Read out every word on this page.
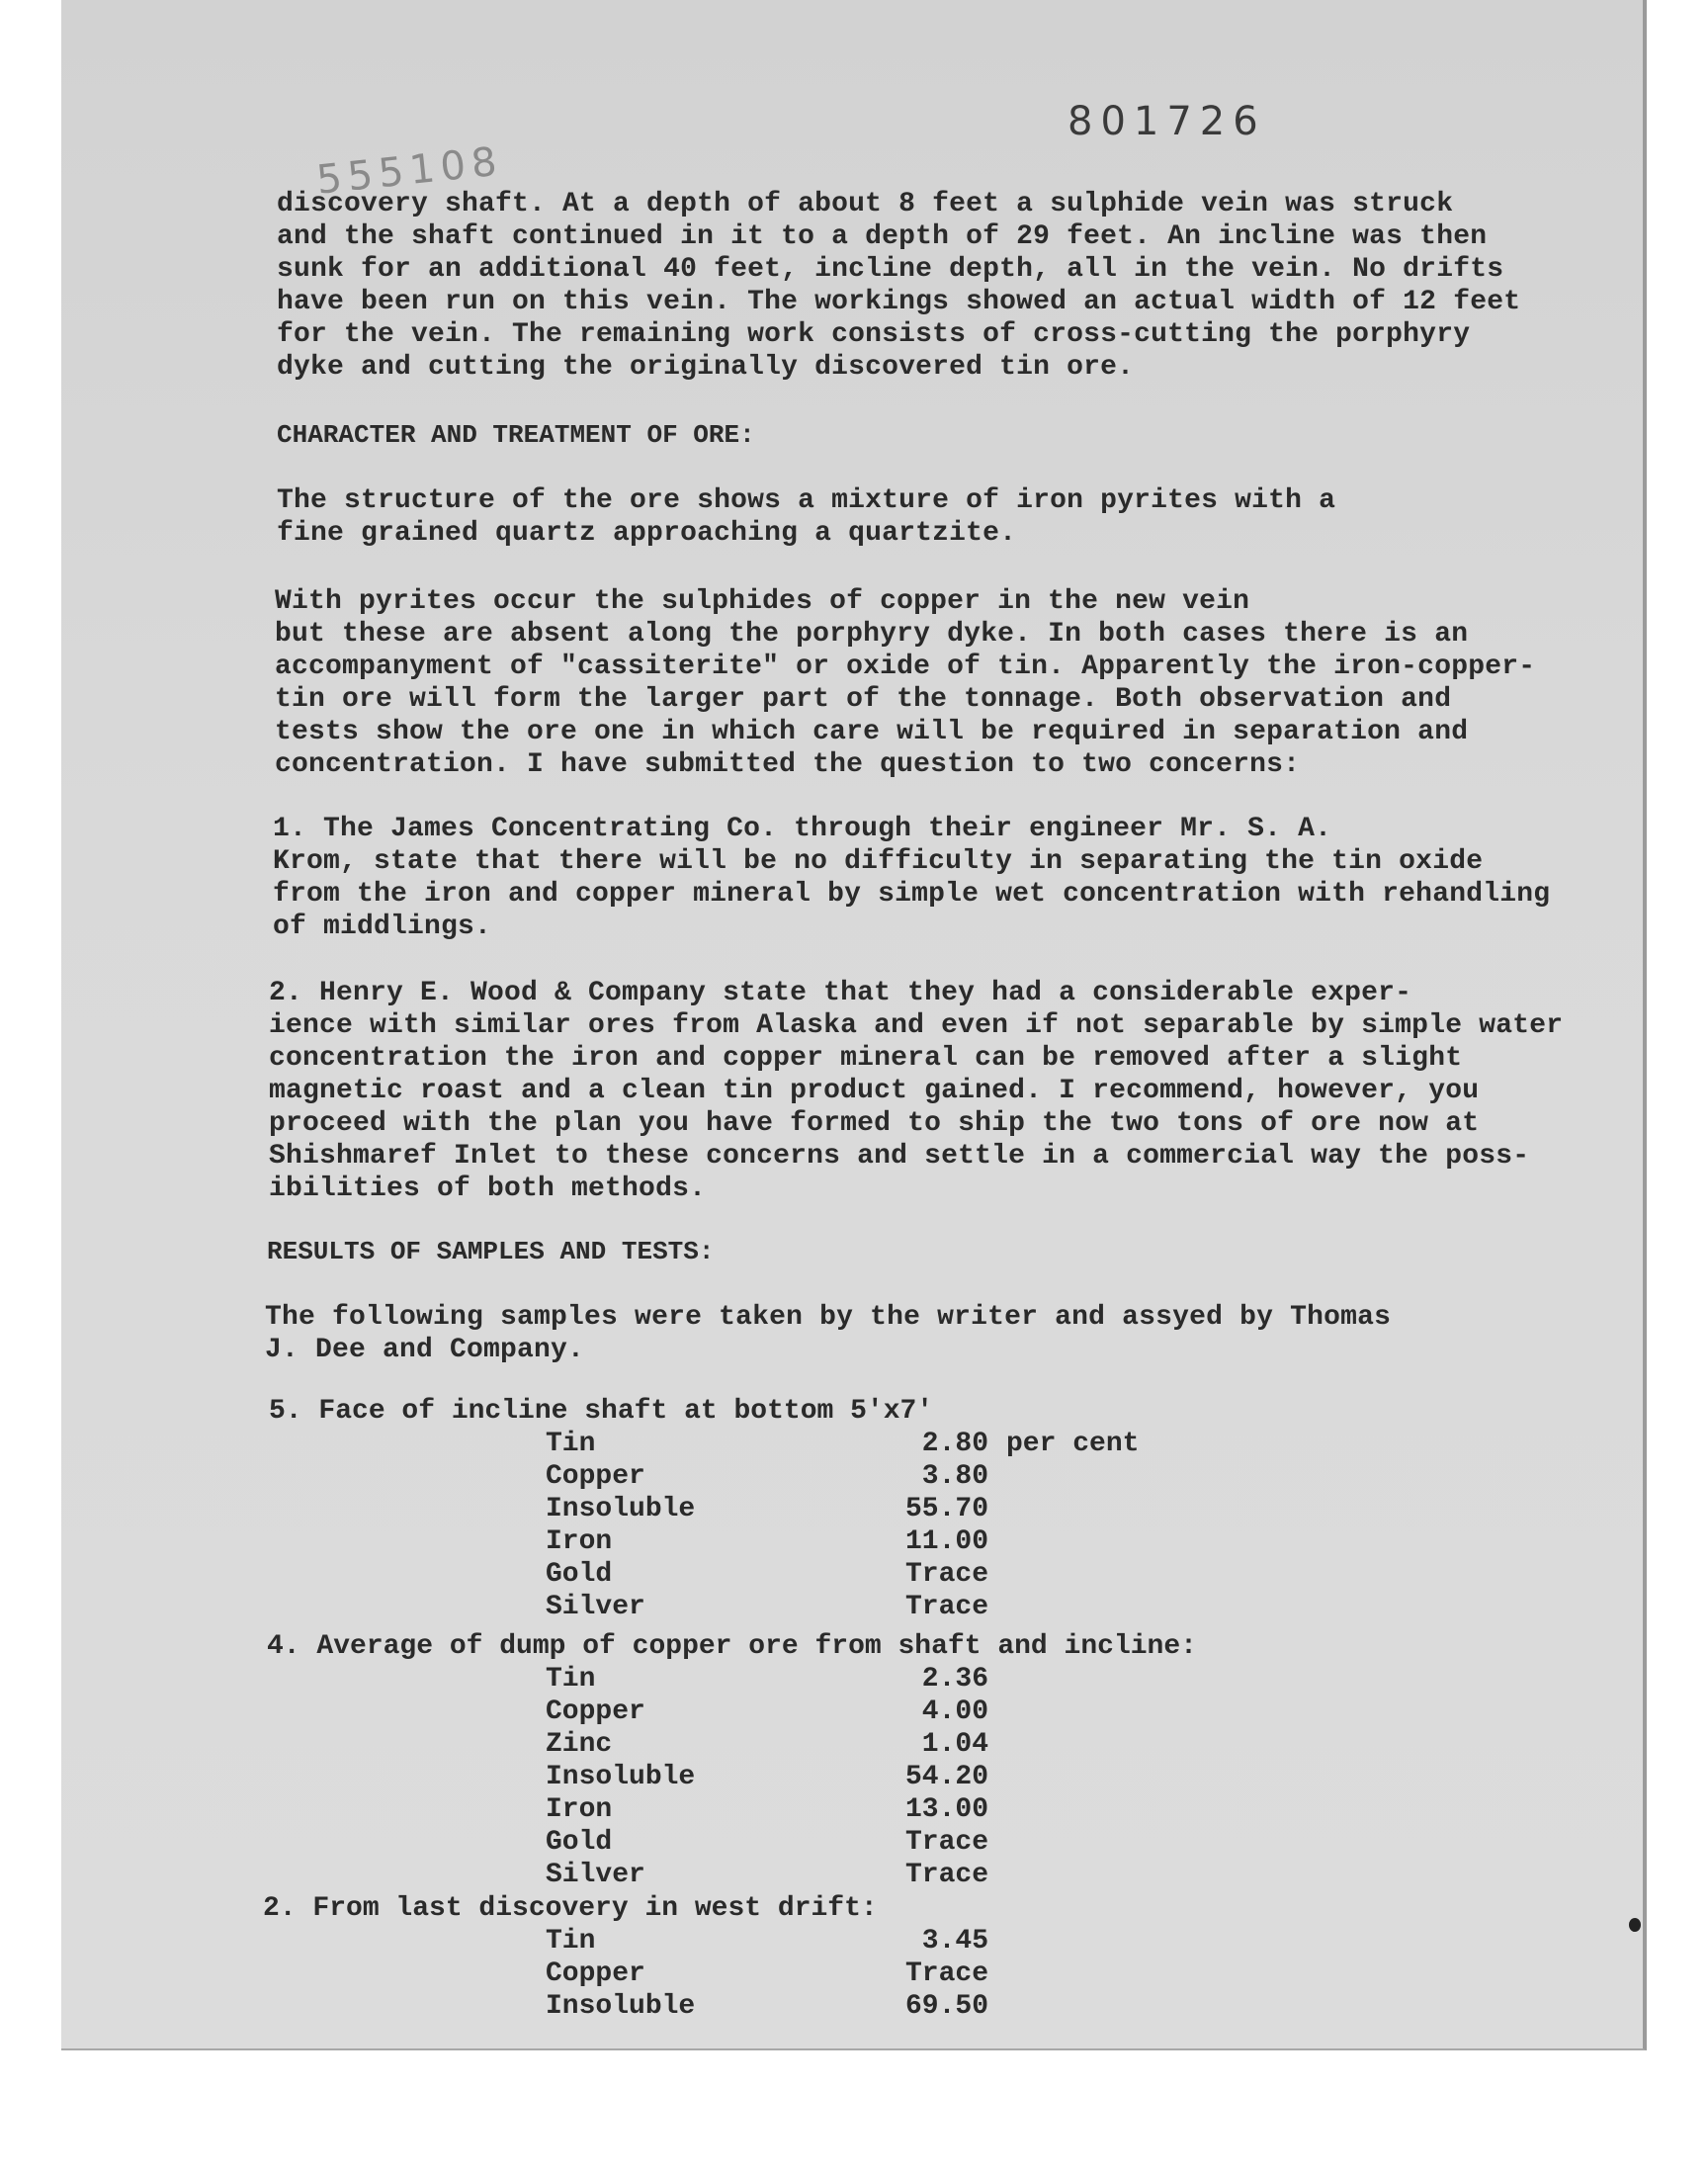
801726
555108

discovery shaft. At a depth of about 8 feet a sulphide vein was struck
and the shaft continued in it to a depth of 29 feet. An incline was then
sunk for an additional 40 feet, incline depth, all in the vein. No drifts
have been run on this vein. The workings showed an actual width of 12 feet
for the vein. The remaining work consists of cross-cutting the porphyry
dyke and cutting the originally discovered tin ore.

CHARACTER AND TREATMENT OF ORE:

The structure of the ore shows a mixture of iron pyrites with a
fine grained quartz approaching a quartzite.

With pyrites occur the sulphides of copper in the new vein
but these are absent along the porphyry dyke. In both cases there is an
accompanyment of "cassiterite" or oxide of tin. Apparently the iron-copper-
tin ore will form the larger part of the tonnage. Both observation and
tests show the ore one in which care will be required in separation and
concentration. I have submitted the question to two concerns:

1. The James Concentrating Co. through their engineer Mr. S. A.
Krom, state that there will be no difficulty in separating the tin oxide
from the iron and copper mineral by simple wet concentration with rehandling
of middlings.

2. Henry E. Wood & Company state that they had a considerable exper-
ience with similar ores from Alaska and even if not separable by simple water
concentration the iron and copper mineral can be removed after a slight
magnetic roast and a clean tin product gained. I recommend, however, you
proceed with the plan you have formed to ship the two tons of ore now at
Shishmaref Inlet to these concerns and settle in a commercial way the poss-
ibilities of both methods.

RESULTS OF SAMPLES AND TESTS:

The following samples were taken by the writer and assyed by Thomas
J. Dee and Company.

5. Face of incline shaft at bottom 5'x7'
Tin	2.80 per cent
Copper	3.80
Insoluble	55.70
Iron	11.00
Gold	Trace
Silver	Trace
4. Average of dump of copper ore from shaft and incline:
Tin	2.36
Copper	4.00
Zinc	1.04
Insoluble	54.20
Iron	13.00
Gold	Trace
Silver	Trace
2. From last discovery in west drift:
Tin	3.45
Copper	Trace
Insoluble	69.50
